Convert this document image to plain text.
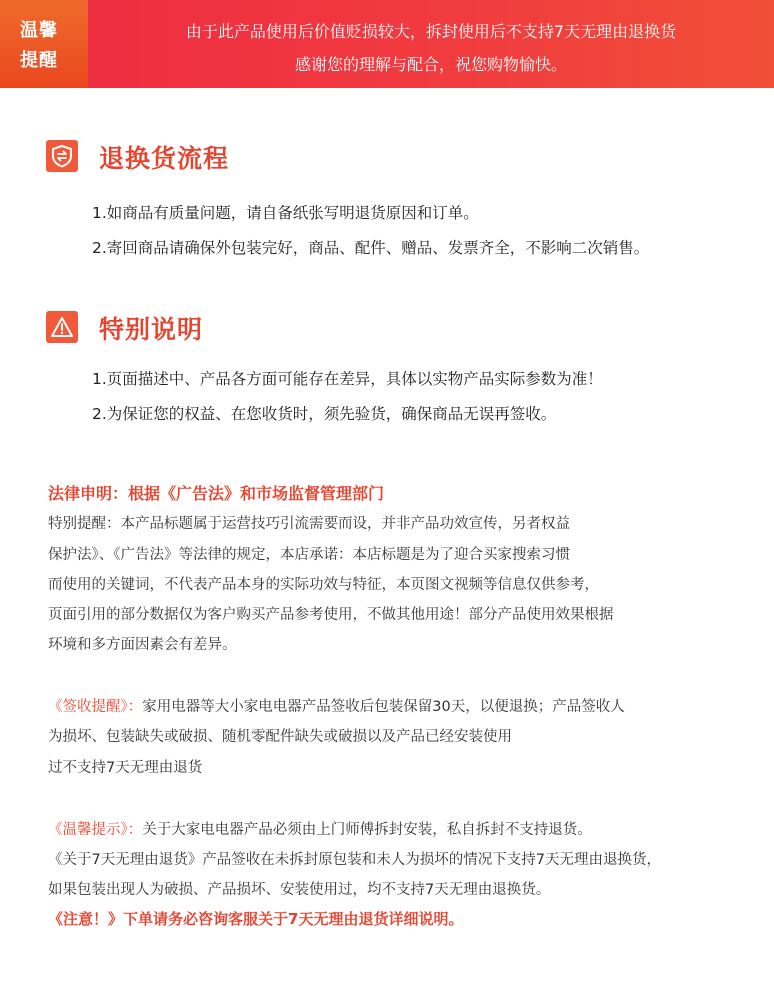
温馨
提醒
由于此产品使用后价值贬损较大，拆封使用后不支持7天无理由退换货
感谢您的理解与配合，祝您购物愉快。
退换货流程
1.如商品有质量问题，请自备纸张写明退货原因和订单。
2.寄回商品请确保外包装完好，商品、配件、赠品、发票齐全，不影响二次销售。
特别说明
1.页面描述中、产品各方面可能存在差异，具体以实物产品实际参数为准！
2.为保证您的权益、在您收货时，须先验货，确保商品无误再签收。
法律申明：根据《广告法》和市场监督管理部门
特别提醒：本产品标题属于运营技巧引流需要而设，并非产品功效宣传，另者权益
保护法》、《广告法》等法律的规定，本店承诺：本店标题是为了迎合买家搜索习惯
而使用的关键词，不代表产品本身的实际功效与特征，本页图文视频等信息仅供参考，
页面引用的部分数据仅为客户购买产品参考使用，不做其他用途！部分产品使用效果根据
环境和多方面因素会有差异。
《签收提醒》：家用电器等大小家电电器产品签收后包装保留30天，以便退换；产品签收人
为损坏、包装缺失或破损、随机零配件缺失或破损以及产品已经安装使用
过不支持7天无理由退货
《温馨提示》：关于大家电电器产品必须由上门师傅拆封安装，私自拆封不支持退货。
《关于7天无理由退货》产品签收在未拆封原包装和未人为损坏的情况下支持7天无理由退换货，
如果包装出现人为破损、产品损坏、安装使用过，均不支持7天无理由退换货。
《注意！》下单请务必咨询客服关于7天无理由退货详细说明。
